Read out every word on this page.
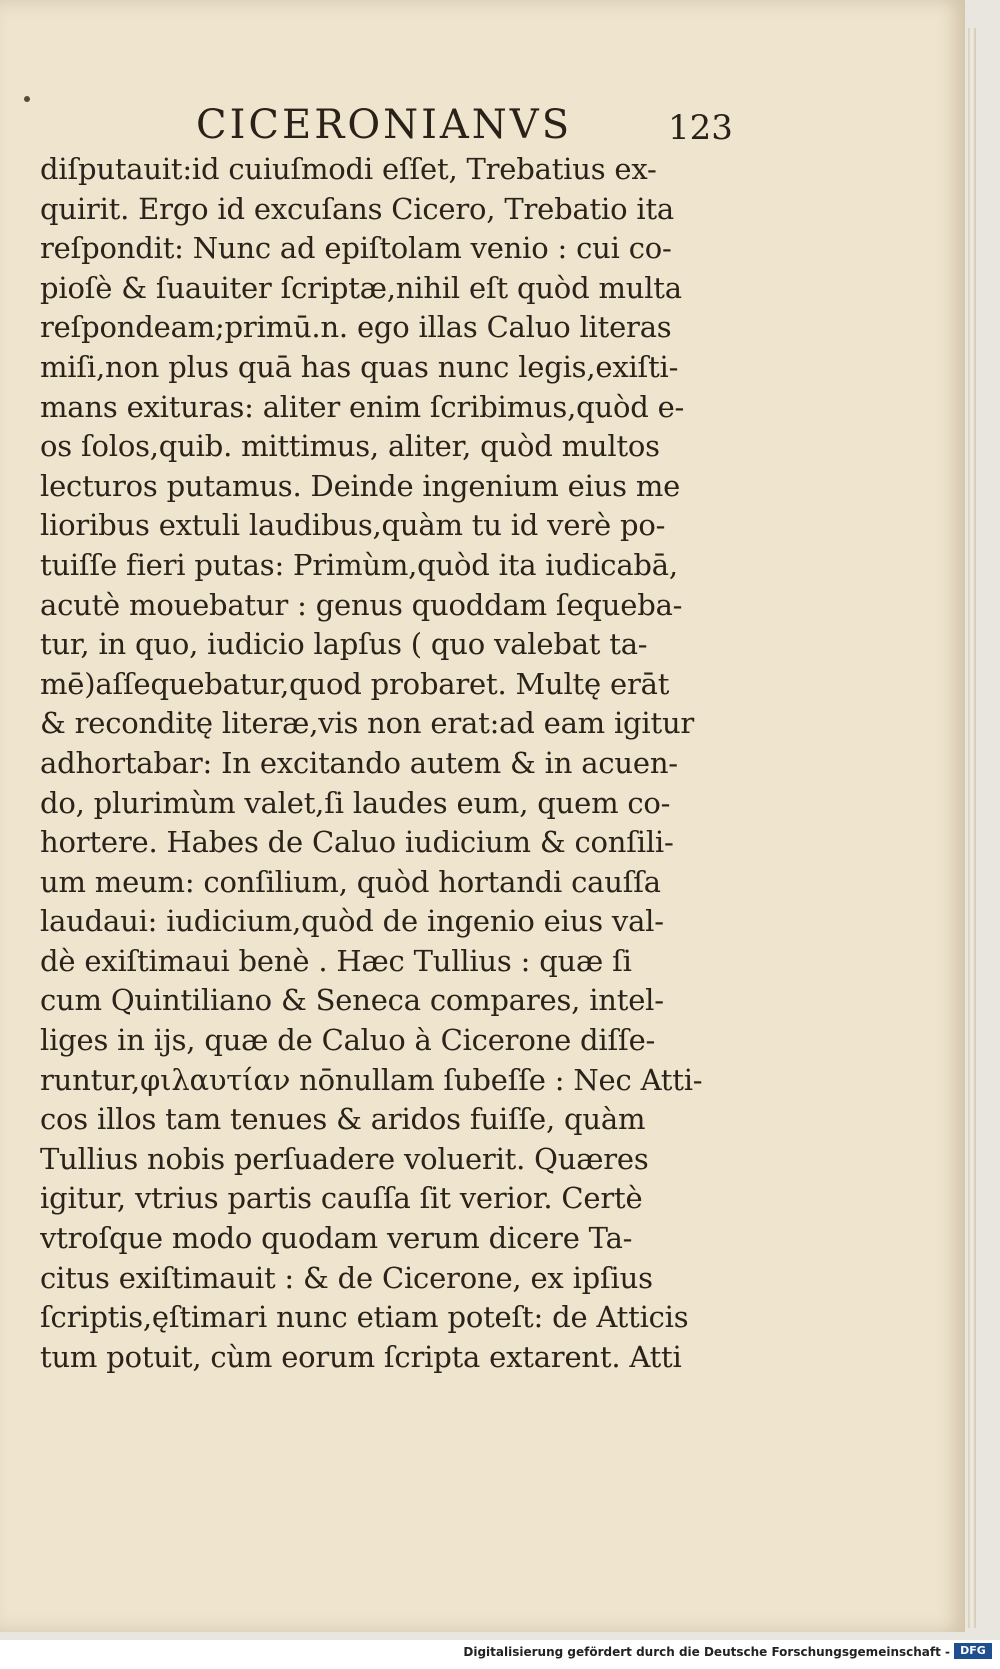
CICERONIANVS	123
diſputauit:id cuiuſmodi eſſet, Trebatius ex-
quirit. Ergo id excuſans Cicero, Trebatio ita
reſpondit: Nunc ad epiſtolam venio : cui co-
pioſè & ſuauiter ſcriptæ,nihil eſt quòd multa
reſpondeam;primū.n. ego illas Caluo literas
miſi,non plus quā has quas nunc legis,exiſti-
mans exituras: aliter enim ſcribimus,quòd e-
os ſolos,quib. mittimus, aliter, quòd multos
lecturos putamus. Deinde ingenium eius me
lioribus extuli laudibus,quàm tu id verè po-
tuiſſe fieri putas: Primùm,quòd ita iudicabā,
acutè mouebatur : genus quoddam ſequeba-
tur, in quo, iudicio lapſus ( quo valebat ta-
mē)aſſequebatur,quod probaret. Multę erāt
& reconditę literæ,vis non erat:ad eam igitur
adhortabar: In excitando autem & in acuen-
do, plurimùm valet,ſi laudes eum, quem co-
hortere. Habes de Caluo iudicium & conſili-
um meum: conſilium, quòd hortandi cauſſa
laudaui: iudicium,quòd de ingenio eius val-
dè exiſtimaui benè . Hæc Tullius : quæ ſi
cum Quintiliano & Seneca compares, intel-
liges in ijs, quæ de Caluo à Cicerone diſſe-
runtur,φιλαυτίαν nōnullam ſubeſſe : Nec Atti-
cos illos tam tenues & aridos fuiſſe, quàm
Tullius nobis perſuadere voluerit. Quæres
igitur, vtrius partis cauſſa ſit verior. Certè
vtroſque modo quodam verum dicere Ta-
citus exiſtimauit : & de Cicerone, ex ipſius
ſcriptis,ęſtimari nunc etiam poteſt: de Atticis
tum potuit, cùm eorum ſcripta extarent. Atti
Digitalisierung gefördert durch die Deutsche Forschungsgemeinschaft - DFG
